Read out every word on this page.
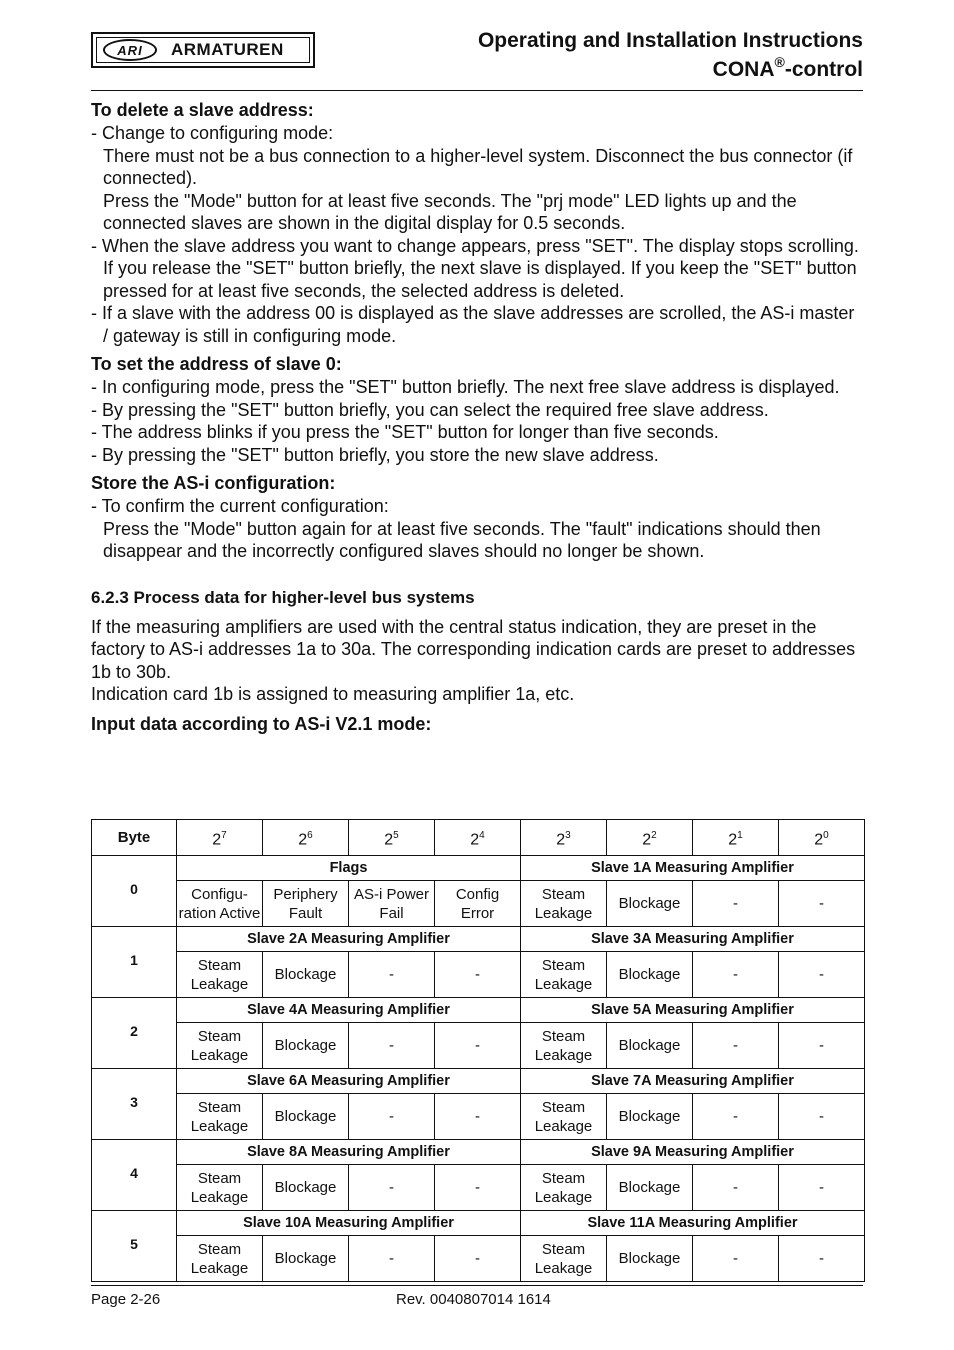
ARI	ARMATUREN	Operating and Installation Instructions
CONA®-control
To delete a slave address:

- Change to configuring mode:
There must not be a bus connection to a higher-level system. Disconnect the bus connector (if connected).
Press the "Mode" button for at least five seconds. The "prj mode" LED lights up and the connected slaves are shown in the digital display for 0.5 seconds.

- When the slave address you want to change appears, press "SET". The display stops scrolling. If you release the "SET" button briefly, the next slave is displayed. If you keep the "SET" button pressed for at least five seconds, the selected address is deleted.

- If a slave with the address 00 is displayed as the slave addresses are scrolled, the AS-i master / gateway is still in configuring mode.

To set the address of slave 0:

- In configuring mode, press the "SET" button briefly. The next free slave address is displayed.

- By pressing the "SET" button briefly, you can select the required free slave address.

- The address blinks if you press the "SET" button for longer than five seconds.

- By pressing the "SET" button briefly, you store the new slave address.

Store the AS-i configuration:

- To confirm the current configuration:
Press the "Mode" button again for at least five seconds. The "fault" indications should then disappear and the incorrectly configured slaves should no longer be shown.

6.2.3 Process data for higher-level bus systems

If the measuring amplifiers are used with the central status indication, they are preset in the factory to AS-i addresses 1a to 30a. The corresponding indication cards are preset to addresses 1b to 30b.

Indication card 1b is assigned to measuring amplifier 1a, etc.

Input data according to AS-i V2.1 mode:
Byte	$2^7$	$2^6$	$2^5$	$2^4$	$2^3$	$2^2$	$2^1$	$2^0$
0	Flags				Slave 1A Measuring Amplifier			
	Configu-
ration Active	Periphery
Fault	AS-i Power
Fail	Config
Error	Steam
Leakage	Blockage	-	-
1	Slave 2A Measuring Amplifier				Slave 3A Measuring Amplifier			
	Steam
Leakage	Blockage	-	-	Steam
Leakage	Blockage	-	-
2	Slave 4A Measuring Amplifier				Slave 5A Measuring Amplifier			
	Steam
Leakage	Blockage	-	-	Steam
Leakage	Blockage	-	-
3	Slave 6A Measuring Amplifier				Slave 7A Measuring Amplifier			
	Steam
Leakage	Blockage	-	-	Steam
Leakage	Blockage	-	-
4	Slave 8A Measuring Amplifier				Slave 9A Measuring Amplifier			
	Steam
Leakage	Blockage	-	-	Steam
Leakage	Blockage	-	-
5	Slave 10A Measuring Amplifier				Slave 11A Measuring Amplifier			
	Steam
Leakage	Blockage	-	-	Steam
Leakage	Blockage	-	-
Page 2-26	Rev. 0040807014 1614
